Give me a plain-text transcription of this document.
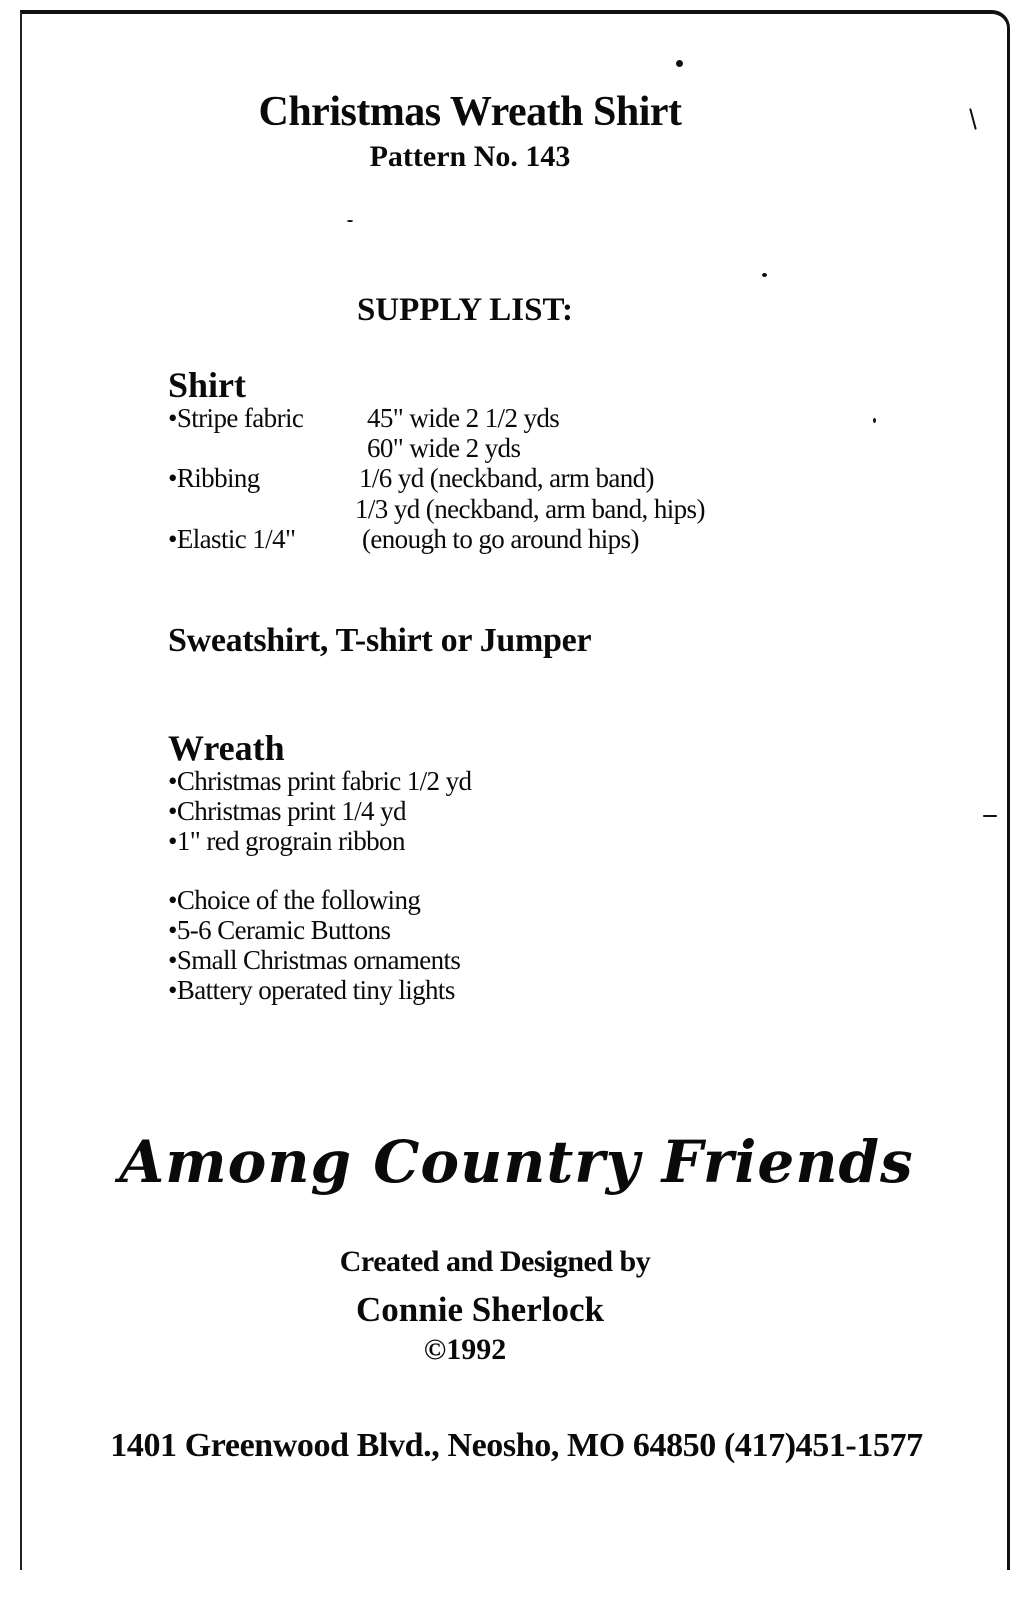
Christmas Wreath Shirt
Pattern No. 143
SUPPLY LIST:
Shirt
•Stripe fabric 45" wide 2 1/2 yds
60" wide 2 yds
•Ribbing	1/6 yd (neckband, arm band)
1/3 yd (neckband, arm band, hips)
•Elastic 1/4" (enough to go around hips)
Sweatshirt, T-shirt or Jumper
Wreath
•Christmas print fabric 1/2 yd
•Christmas print 1/4 yd
•1" red grograin ribbon
•Choice of the following
•5-6 Ceramic Buttons
•Small Christmas ornaments
•Battery operated tiny lights
Among Country Friends
Created and Designed by
Connie Sherlock
©1992
1401 Greenwood Blvd., Neosho, MO 64850 (417)451-1577
